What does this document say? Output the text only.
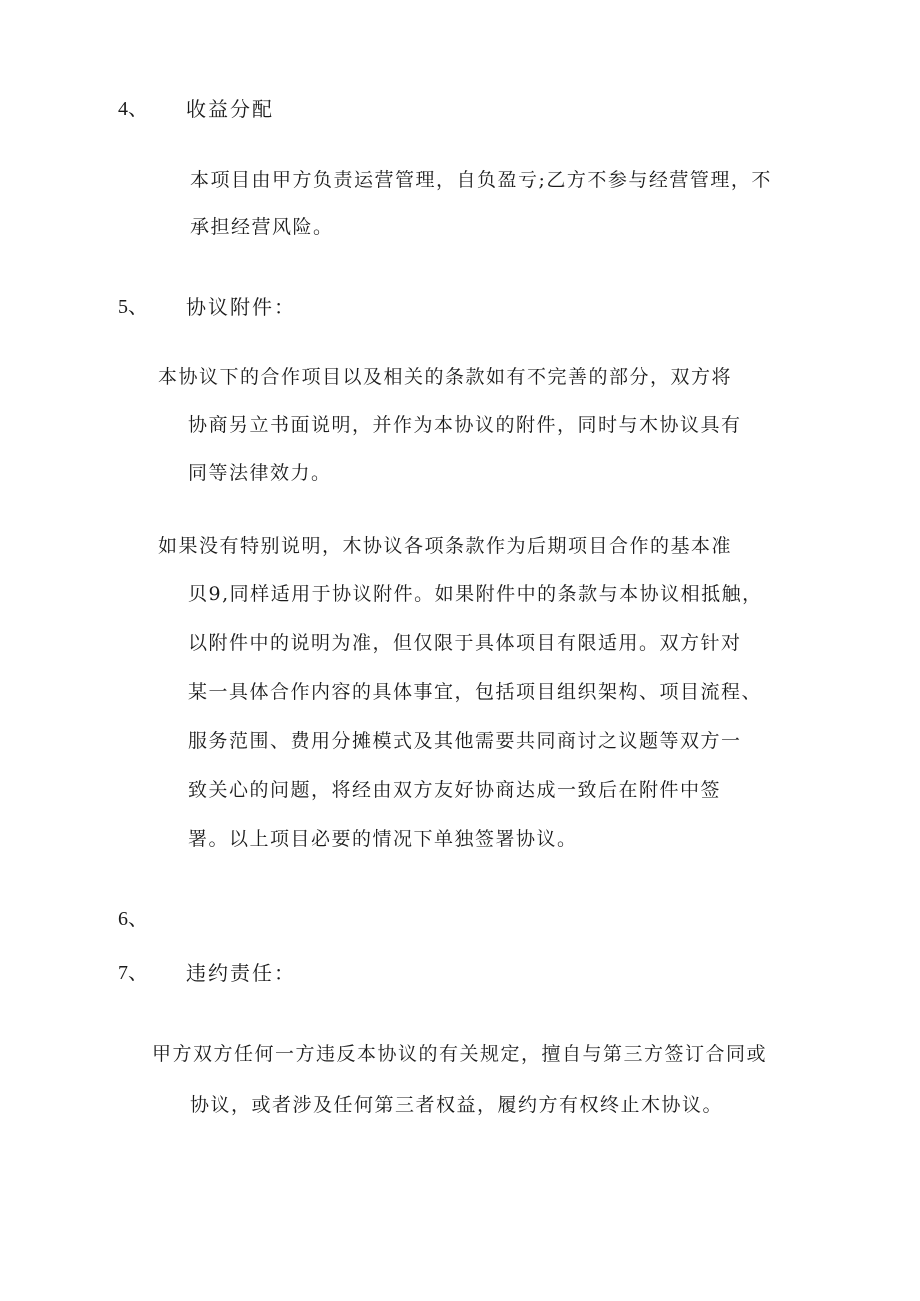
4、 收益分配
本项目由甲方负责运营管理，自负盈亏;乙方不参与经营管理，不
承担经营风险。
5、 协议附件：
本协议下的合作项目以及相关的条款如有不完善的部分，双方将
协商另立书面说明，并作为本协议的附件，同时与木协议具有
同等法律效力。
如果没有特别说明，木协议各项条款作为后期项目合作的基本准
贝9,同样适用于协议附件。如果附件中的条款与本协议相抵触，
以附件中的说明为准，但仅限于具体项目有限适用。双方针对
某一具体合作内容的具体事宜，包括项目组织架构、项目流程、
服务范围、费用分摊模式及其他需要共同商讨之议题等双方一
致关心的问题，将经由双方友好协商达成一致后在附件中签
署。以上项目必要的情况下单独签署协议。
6、
7、 违约责任：
甲方双方任何一方违反本协议的有关规定，擅自与第三方签订合同或
协议，或者涉及任何第三者权益，履约方有权终止木协议。
